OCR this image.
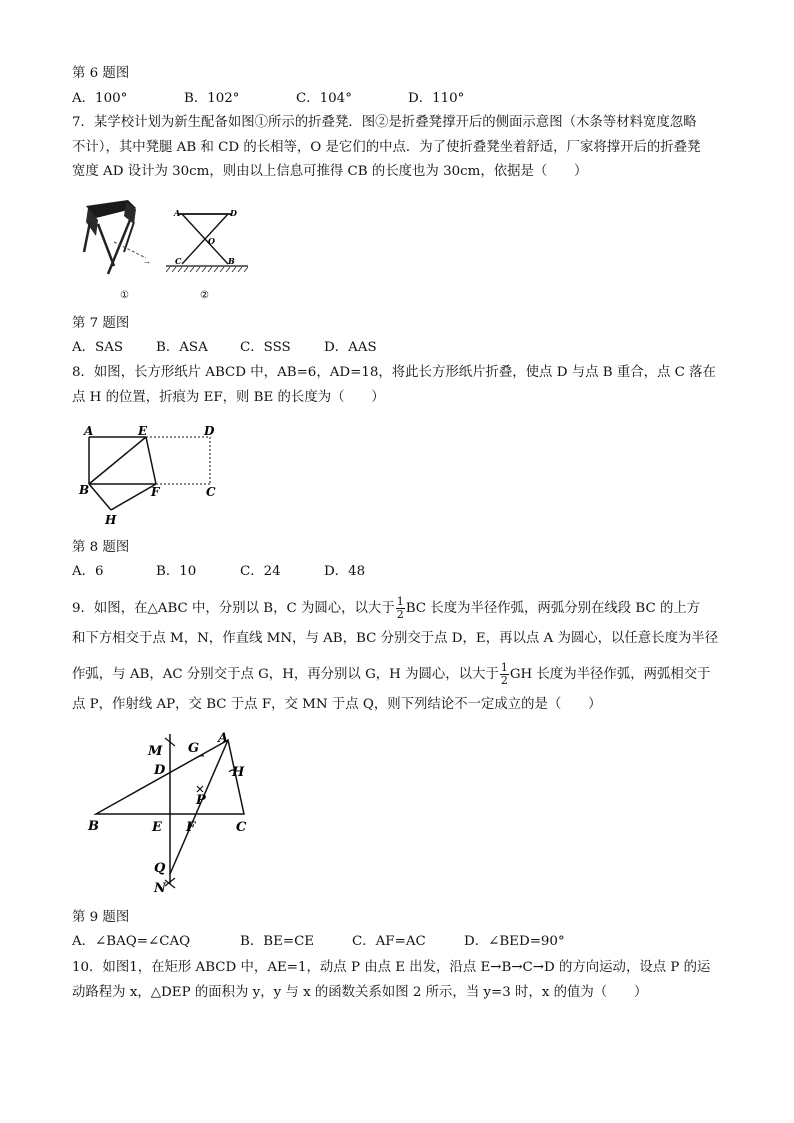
第 6 题图
A．100°	B．102°	C．104°	D．110°
7．某学校计划为新生配备如图①所示的折叠凳．图②是折叠凳撑开后的侧面示意图（木条等材料宽度忽略
不计），其中凳腿 AB 和 CD 的长相等，O 是它们的中点．为了使折叠凳坐着舒适，厂家将撑开后的折叠凳
宽度 AD 设计为 30cm，则由以上信息可推得 CB 的长度也为 30cm，依据是（　　）
→
①
A	D
O
C	B
②
第 7 题图
A．SAS B．ASA C．SSS D．AAS
8．如图，长方形纸片 ABCD 中，AB=6，AD=18，将此长方形纸片折叠，使点 D 与点 B 重合，点 C 落在
点 H 的位置，折痕为 EF，则 BE 的长度为（　　）
A	E	D
B	F	C
H
第 8 题图
A．6	B．10	C．24	D．48
9．如图，在△ABC 中，分别以 B，C 为圆心，以大于 $\frac{1}{2}$ BC 长度为半径作弧，两弧分别在线段 BC 的上方
和下方相交于点 M，N，作直线 MN，与 AB，BC 分别交于点 D，E，再以点 A 为圆心，以任意长度为半径
作弧，与 AB，AC 分别交于点 G，H，再分别以 G，H 为圆心，以大于 $\frac{1}{2}$ GH 长度为半径作弧，两弧相交于
点 P，作射线 AP，交 BC 于点 F，交 MN 于点 Q，则下列结论不一定成立的是（　　）
M G
A
D	H
P
B	E F	C
Q
N
第 9 题图
A．∠BAQ=∠CAQ	B．BE=CE	C．AF=AC	D．∠BED=90°
10．如图1，在矩形 ABCD 中，AE=1，动点 P 由点 E 出发，沿点 E→B→C→D 的方向运动，设点 P 的运
动路程为 x，△DEP 的面积为 y，y 与 x 的函数关系如图 2 所示，当 y=3 时，x 的值为（　　）
